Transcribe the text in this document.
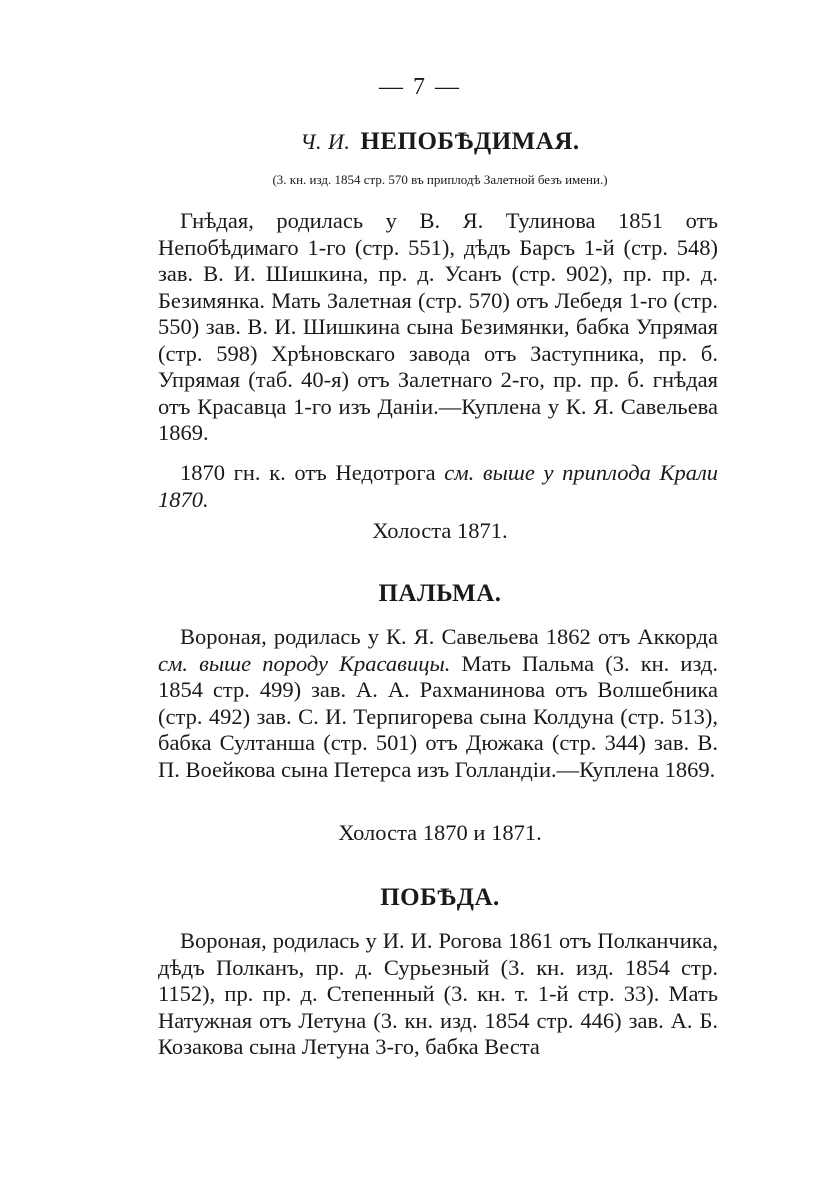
— 7 —
Ч. И. НЕПОБѢДИМАЯ.
(3. кн. изд. 1854 стр. 570 въ приплодѣ Залетной безъ имени.)
Гнѣдая, родилась у В. Я. Тулинова 1851 отъ Непобѣдимаго 1-го (стр. 551), дѣдъ Барсъ 1-й (стр. 548) зав. В. И. Шишкина, пр. д. Усанъ (стр. 902), пр. пр. д. Безимянка. Мать Залетная (стр. 570) отъ Лебедя 1-го (стр. 550) зав. В. И. Шишкина сына Безимянки, бабка Упрямая (стр. 598) Хрѣновскаго завода отъ Заступника, пр. б. Упрямая (таб. 40-я) отъ Залетнаго 2-го, пр. пр. б. гнѣдая отъ Красавца 1-го изъ Даніи.—Куплена у К. Я. Савельева 1869.
1870 гн. к. отъ Недотрога см. выше у приплода Крали 1870.
Холоста 1871.
ПАЛЬМА.
Вороная, родилась у К. Я. Савельева 1862 отъ Аккорда см. выше породу Красавицы. Мать Пальма (3. кн. изд. 1854 стр. 499) зав. А. А. Рахманинова отъ Волшебника (стр. 492) зав. С. И. Терпигорева сына Колдуна (стр. 513), бабка Султанша (стр. 501) отъ Дюжака (стр. 344) зав. В. П. Воейкова сына Петерса изъ Голландіи.—Куплена 1869.
Холоста 1870 и 1871.
ПОБѢДА.
Вороная, родилась у И. И. Рогова 1861 отъ Полканчика, дѣдъ Полканъ, пр. д. Сурьезный (3. кн. изд. 1854 стр. 1152), пр. пр. д. Степенный (3. кн. т. 1-й стр. 33). Мать Натужная отъ Летуна (3. кн. изд. 1854 стр. 446) зав. А. Б. Козакова сына Летуна 3-го, бабка Веста
